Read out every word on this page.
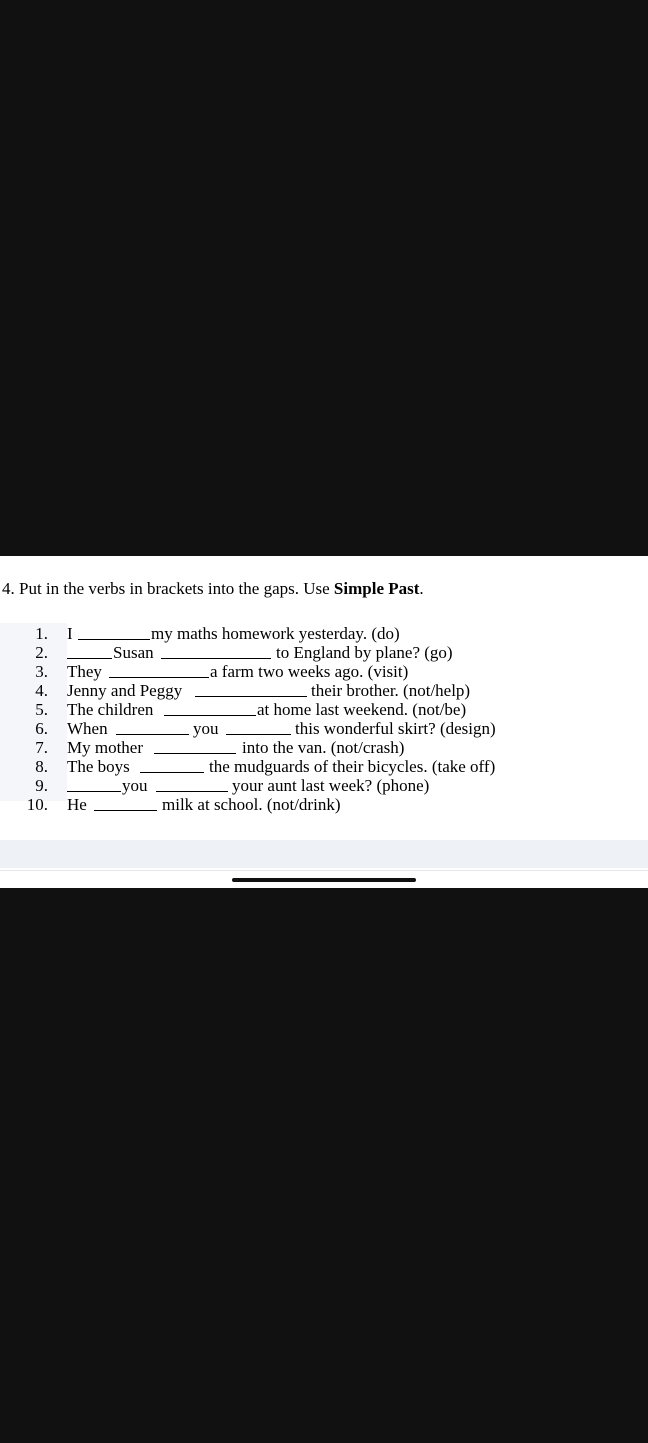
4. Put in the verbs in brackets into the gaps. Use Simple Past.
1. I	my maths homework yesterday. (do)
2.	Susan	to England by plane? (go)
3. They	a farm two weeks ago. (visit)
4. Jenny and Peggy	their brother. (not/help)
5. The children	at home last weekend. (not/be)
6. When	you	this wonderful skirt? (design)
7. My mother	into the van. (not/crash)
8. The boys	the mudguards of their bicycles. (take off)
9.	you	your aunt last week? (phone)
10. He	milk at school. (not/drink)
